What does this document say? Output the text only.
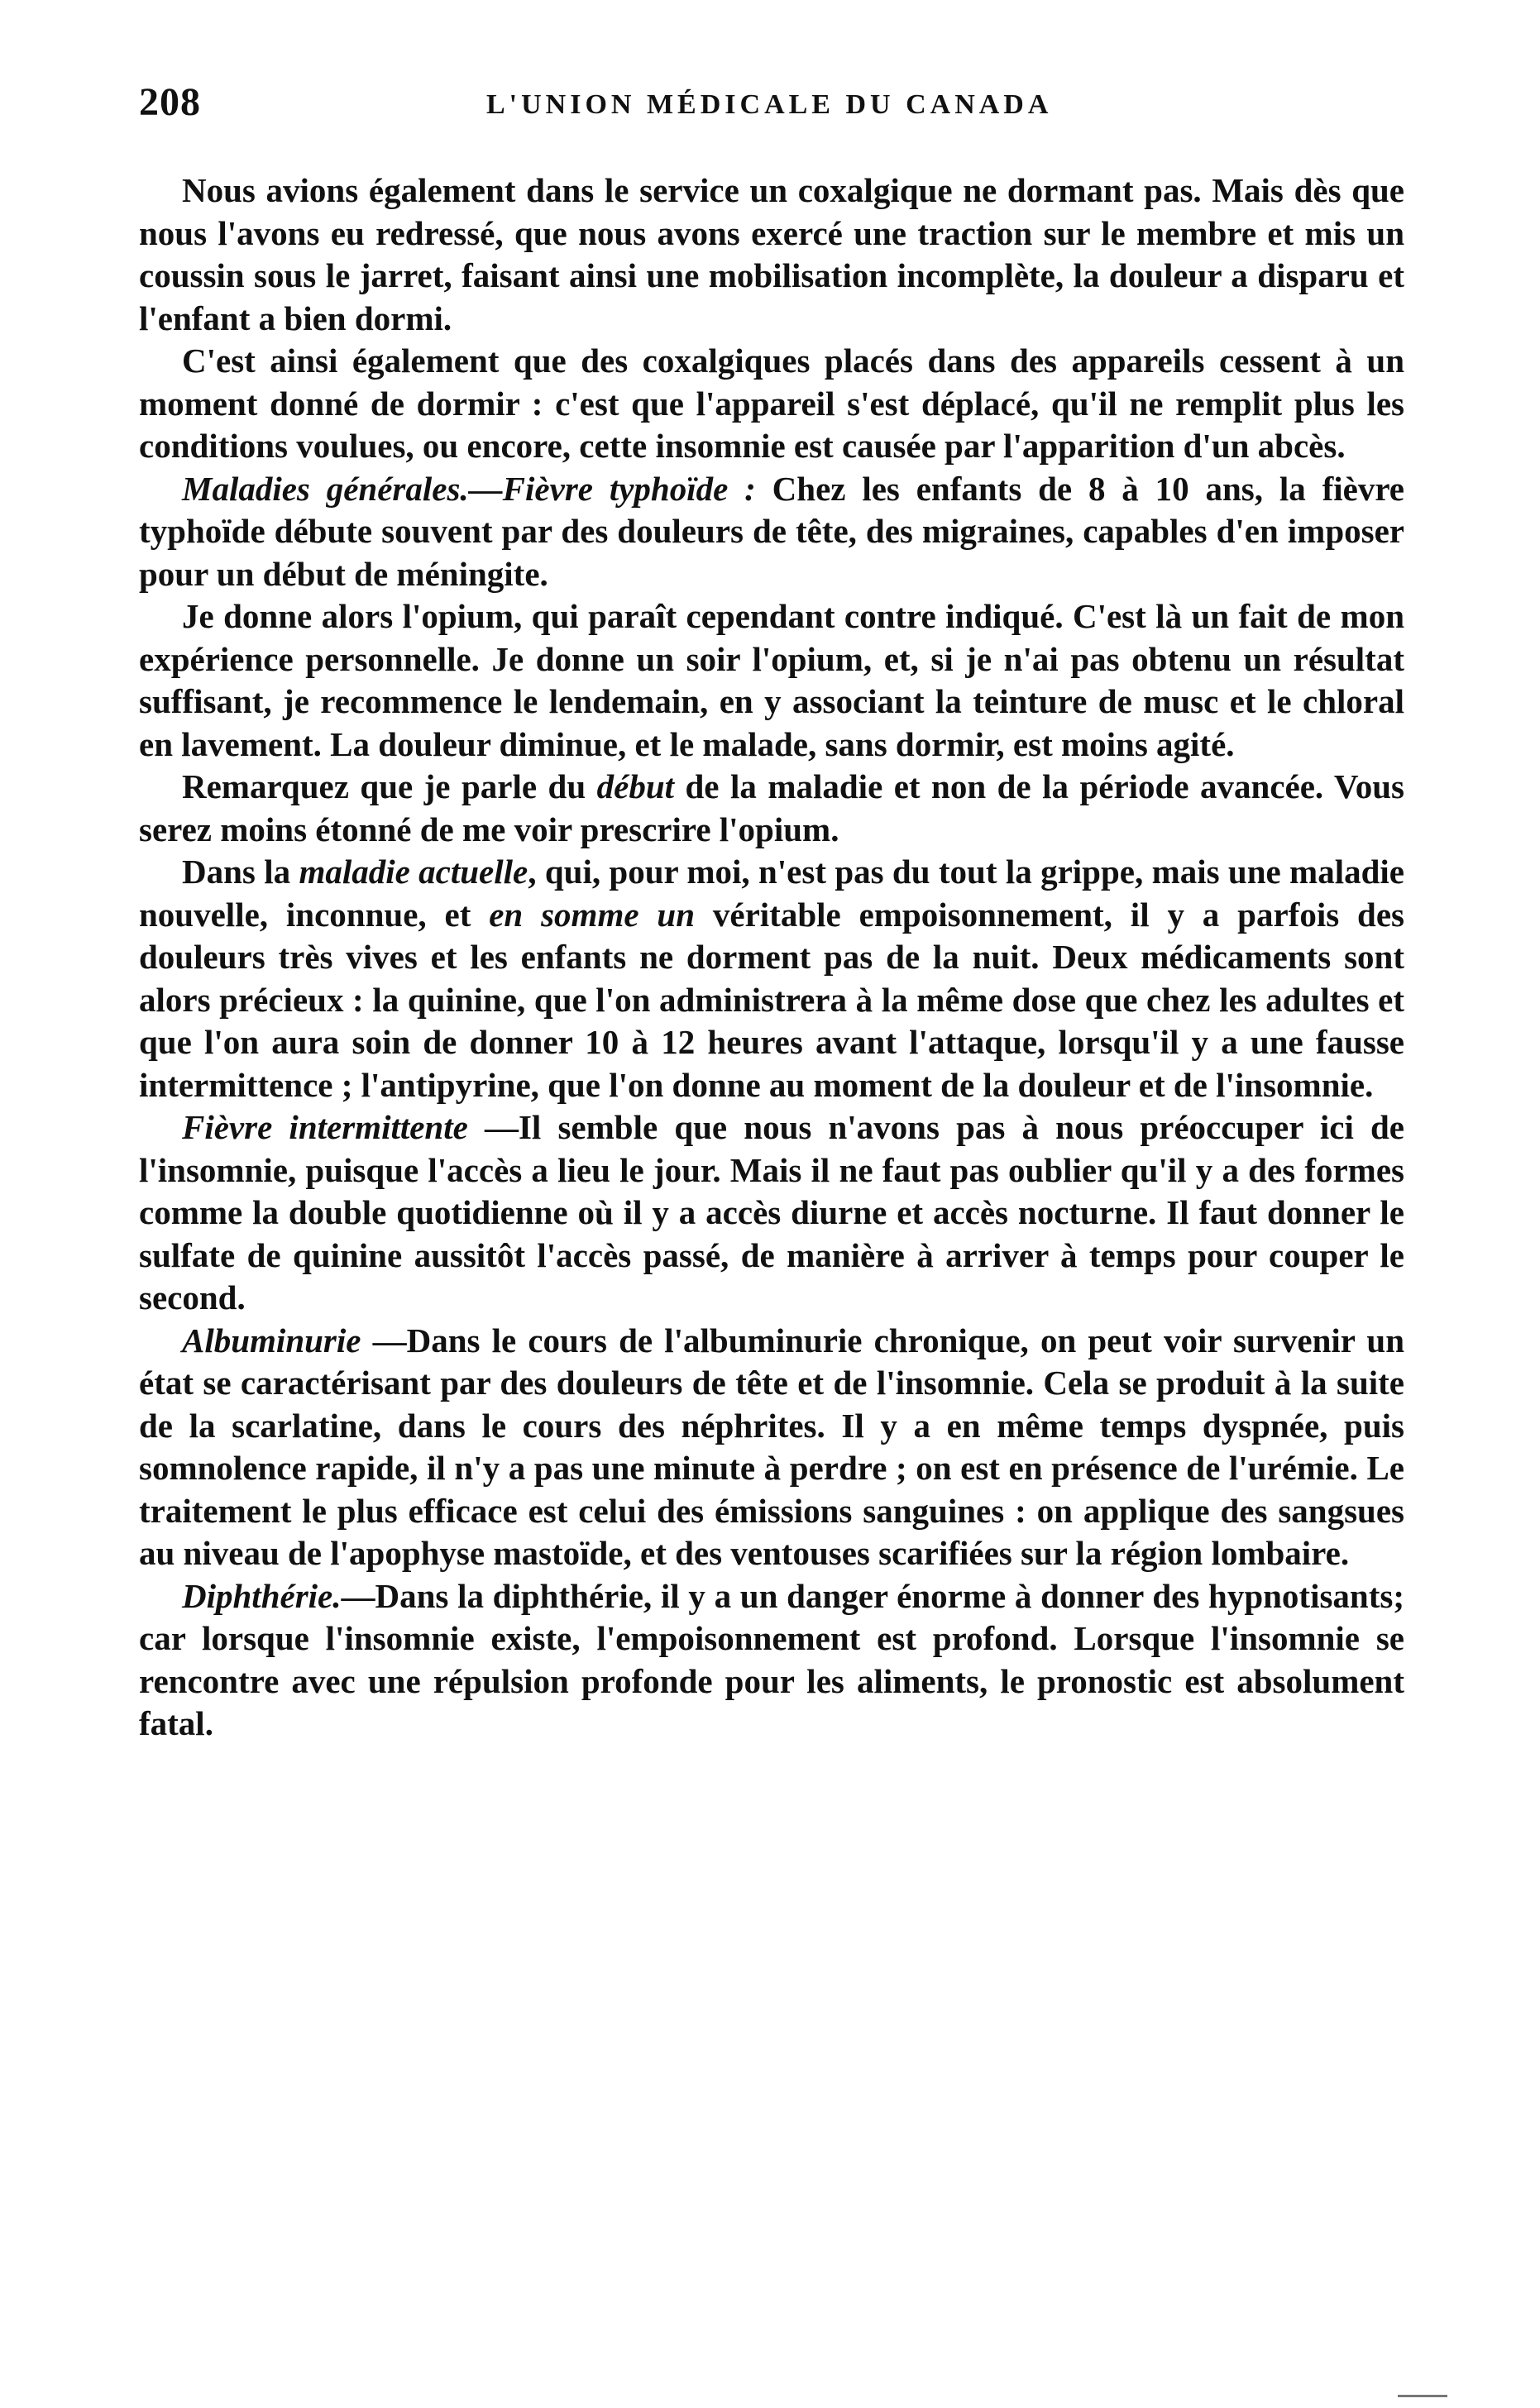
208	L'UNION MÉDICALE DU CANADA

Nous avions également dans le service un coxalgique ne dormant pas. Mais dès que nous l'avons eu redressé, que nous avons exercé une traction sur le membre et mis un coussin sous le jarret, faisant ainsi une mobilisation incomplète, la douleur a disparu et l'enfant a bien dormi.

C'est ainsi également que des coxalgiques placés dans des appareils cessent à un moment donné de dormir : c'est que l'appareil s'est déplacé, qu'il ne remplit plus les conditions voulues, ou encore, cette insomnie est causée par l'apparition d'un abcès.

Maladies générales.—Fièvre typhoïde : Chez les enfants de 8 à 10 ans, la fièvre typhoïde débute souvent par des douleurs de tête, des migraines, capables d'en imposer pour un début de méningite.

Je donne alors l'opium, qui paraît cependant contre indiqué. C'est là un fait de mon expérience personnelle. Je donne un soir l'opium, et, si je n'ai pas obtenu un résultat suffisant, je recommence le lendemain, en y associant la teinture de musc et le chloral en lavement. La douleur diminue, et le malade, sans dormir, est moins agité.

Remarquez que je parle du début de la maladie et non de la période avancée. Vous serez moins étonné de me voir prescrire l'opium.

Dans la maladie actuelle, qui, pour moi, n'est pas du tout la grippe, mais une maladie nouvelle, inconnue, et en somme un véritable empoisonnement, il y a parfois des douleurs très vives et les enfants ne dorment pas de la nuit. Deux médicaments sont alors précieux : la quinine, que l'on administrera à la même dose que chez les adultes et que l'on aura soin de donner 10 à 12 heures avant l'attaque, lorsqu'il y a une fausse intermittence ; l'antipyrine, que l'on donne au moment de la douleur et de l'insomnie.

Fièvre intermittente —Il semble que nous n'avons pas à nous préoccuper ici de l'insomnie, puisque l'accès a lieu le jour. Mais il ne faut pas oublier qu'il y a des formes comme la double quotidienne où il y a accès diurne et accès nocturne. Il faut donner le sulfate de quinine aussitôt l'accès passé, de manière à arriver à temps pour couper le second.

Albuminurie —Dans le cours de l'albuminurie chronique, on peut voir survenir un état se caractérisant par des douleurs de tête et de l'insomnie. Cela se produit à la suite de la scarlatine, dans le cours des néphrites. Il y a en même temps dyspnée, puis somnolence rapide, il n'y a pas une minute à perdre ; on est en présence de l'urémie. Le traitement le plus efficace est celui des émissions sanguines : on applique des sangsues au niveau de l'apophyse mastoïde, et des ventouses scarifiées sur la région lombaire.

Diphthérie.—Dans la diphthérie, il y a un danger énorme à donner des hypnotisants; car lorsque l'insomnie existe, l'empoisonnement est profond. Lorsque l'insomnie se rencontre avec une répulsion profonde pour les aliments, le pronostic est absolument fatal.
